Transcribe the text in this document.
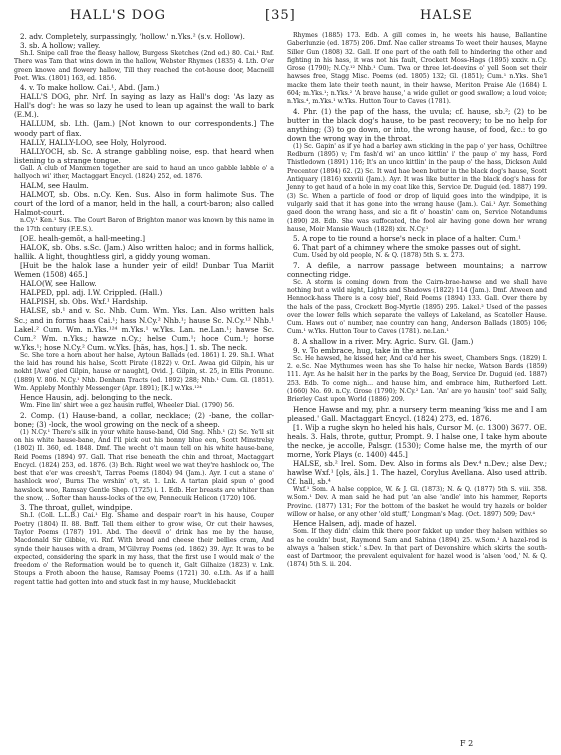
HALL'S DOG	[35]	HALSE

2. adv. Completely, surpassingly, 'hollow.' n.Yks.² (s.v. Hollow).

3. sb. A hollow; valley.

Sh.I. Snipe call frae the fleasy hallow, Burgess Sketches (2nd ed.) 80. Cai.¹ Rnf. There was Tam that wins down in the hallow, Webster Rhymes (1835) 4. Lth. O'er green knowe and flowery hallow, Till they reached the cot-house door, Macneill Poet. Wks. (1801) 163, ed. 1856.

4. v. To make hollow. Cai.¹, Abd. (Jam.)

HALL'S DOG, phr. Nrf. In saying as lazy as Hall's dog: 'As lazy as Hall's dog': he was so lazy he used to lean up against the wall to bark (E.M.).

HALLUM, sb. Lth. (Jam.) [Not known to our correspondents.] The woody part of flax.

HALLY, HALLY-LOO, see Holy, Holyrood.

HALLYOCH, sb. Sc. A strange gabbling noise, esp. that heard when listening to a strange tongue.

Gall. A club of Manxmen together are said to haud an unco gabble labble o' a hallyoch wi' ither, Mactaggart Encycl. (1824) 252, ed. 1876.

HALM, see Haulm.

HALMOT, sb. Obs. n.Cy. Ken. Sus. Also in form halimote Sus. The court of the lord of a manor, held in the hall, a court-baron; also called Halmot-court.

n.Cy.¹ Ken.¹ Sus. The Court Baron of Brighton manor was known by this name in the 17th century (F.E.S.).

[OE. healh-gemōt, a hall-meeting.]

HALOK, sb. Obs. s.Sc. (Jam.) Also written haloc; and in forms hallick, hallik. A light, thoughtless girl, a giddy young woman.

[Huit be the halok lase a hunder yeir of eild! Dunbar Tua Mariit Wemen (1508) 465.]

HALO(W, see Hallow.

HALPED, ppl. adj. I.W. Crippled. (Hall.)

HALPISH, sb. Obs. Wxf.¹ Hardship.

HALSE, sb.¹ and v. Sc. Nhb. Cum. Wm. Yks. Lan. Also written hals Sc.; and in forms haas Cai.¹; hass N.Cy.² Nhb.¹; hause Sc. N.Cy.¹² Nhb.¹ Lakel.² Cum. Wm. n.Yks.¹²⁴ m.Yks.¹ w.Yks. Lan. ne.Lan.¹; hawse Sc. Cum.² Wm. n.Yks.; hawze n.Cy.; helse Cum.¹; hoce Cum.¹; horse w.Yks.¹; hose N.Cy.² Cum. w.Yks. [hās, has, hǫs.] 1. sb. The neck.

Sc. She tore a horn about her halse, Aytoun Ballads (ed. 1861) I. 29. Sh.I. What the laid has round his halse, Scott Pirate (1822) v. Or.I. Awaa gid Gilpin, his ur nokht [Awa' gied Gilpin, hause or naught], Ovid. J. Gilpin, st. 25, in Ellis Pronunc. (1889) V. 806. N.Cy.¹ Nhb. Denham Tracts (ed. 1892) 288; Nhb.¹ Cum. Gl. (1851). Wm. Appleby Monthly Messenger (Apr. 1891); [K.] w.Yks.¹²⁴

Hence Hausin, adj. belonging to the neck.

Wm. Fine lin' shirt wee a gez hausin ruffel, Wheeler Dial. (1790) 56.

2. Comp. (1) Hause-band, a collar, necklace; (2) -bane, the collar-bone; (3) -lock, the wool growing on the neck of a sheep.

(1) N.Cy.¹ There's silk in your white hause-band, Old Sng. Nhb.¹ (2) Sc. Ye'll sit on his white hause-bane, And I'll pick out his bonny blue een, Scott Minstrelsy (1802) II. 360, ed. 1848. Dmf. The wecht o't maun tell on his white hause-bane, Reid Poems (1894) 97. Gall. That rise beneath the chin and throat, Mactaggart Encycl. (1824) 253, ed. 1876. (3) Bch. Right weel we wat they're hashlock oo, The best that e'er was creesh't, Tarras Poems (1804) 94 (Jam.). Ayr. I cut a stane o' hashlock woo', Burns The wrshin' o't, st. 1. Lnk. A tartan plaid spun o' good hawslock woo, Ramsay Gentle Shep. (1725) i. 1. Edb. Her breasts are whiter than the snow, .. Softer than hauss-locks of the ew, Pennecuik Helicon (1720) 106.

3. The throat, gullet, windpipe.

Sh.I. (Coll. L.L.B.) Cai.¹ Elg. Shame and despair roar't in his hause, Couper Poetry (1804) II. 88. Bnff. Tell them either to grow wise, Or cut their hawses, Taylor Poems (1787) 191. Abd. The deevil o' drink has me by the hause, Macdonald Sir Gibbie, vi. Rnf. With bread and cheese their bellies cram, And synde their hauses with a dram, M'Gilvray Poems (ed. 1862) 39. Ayr. It was to be expected, considering the spark in my hass, that the first use I would mak o' the freedom o' the Reformation would be to quench it, Galt Gilhaize (1823) v. Lnk. Stoups a Froth aboon the hause, Ramsay Poems (1721) 30. e.Lth. As if a haill regent tattie had gotten into and stuck fast in my hause, Mucklebackit

Rhymes (1885) 173. Edb. A gill comes in, he weets his hause, Ballantine Gaberlunzie (ed. 1875) 206. Dmf. Nae caller streams To weet their hauses, Mayne Siller Gun (1808) 32. Gall. If one part of the oath fell to hindering the other and fighting in his hass, it was not his fault, Crockett Moss-Hags (1895) xxxiv. n.Cy. Grose (1790); N.Cy.¹² Nhb.¹ Cum. Twa or three let-deevins o' yell Soon set their hawses free, Stagg Misc. Poems (ed. 1805) 132; Gl. (1851); Cum.¹ n.Yks. She'l macke them late their teeth naunt, in their hawse, Meriton Praise Ale (1684) I. 604; m.Yks.¹; n.Yks.² 'A brave hause,' a wide gullet or good swallow; a loud voice; n.Yks.⁴, m.Yks.¹ w.Yks. Hutton Tour to Caves (1781).

4. Phr. (1) the pap of the hass, the uvula; cf. hause, sb.²; (2) to be butter in the black dog's hause, to be past recovery; to be no help for anything; (3) to go down, or into, the wrong hause, of food, &c.: to go down the wrong way in the throat.

(1) Sc. Gapin' as if ye had a barley awn sticking in the pap o' yer hass, Ochiltree Redburn (1895) v; I'm fash'd wi' an unco kittlin' i' the paup o' my hass, Ford Thistledown (1891) 116; It's an unco kittlin' in the paup o' the hass, Dickson Auld Precentor (1894) 62. (2) Sc. It wad hae been butter in the black dog's hause, Scott Antiquary (1816) xxxviii (Jam.). Ayr. It was like butter in the black dog's hass for Jenny to get haud of a hole in my coat like this, Service Dr. Duguid (ed. 1887) 199. (3) Sc. When a particle of food or drop of liquid goes into the windpipe, it is vulgarly said that it has gone into the wrang hause (Jam.). Cai.¹ Ayr. Something gaed doon the wrang hass, and sic a fit o' hoastin' cam on, Service Notandums (1890) 28. Edb. She was suffocated, the fool air having gone down her wrang hause, Moir Mansie Wauch (1828) xix. N.Cy.¹

5. A rope to tie round a horse's neck in place of a halter. Cum.¹

6. That part of a chimney where the smoke passes out of sight.

Cum. Used by old people, N. & Q. (1878) 5th S. x. 273.

7. A defile, a narrow passage between mountains; a narrow connecting ridge.

Sc. A storm is coming down from the Cairn-brae-hawse and we shall have nothing but a wild night, Lights and Shadows (1822) 114 (Jam.). Dmf. Atween and Hennock-hass There is a cosy biel', Reid Poems (1894) 133. Gall. Over there by the hals of the pass, Crockett Bog-Myrtle (1895) 295. Lakel.² Used of the passes over the lower fells which separate the valleys of Lakeland, as Scatoller Hause. Cum. Haws out o' number, nae country can hang, Anderson Ballads (1805) 106; Cum.¹ w.Yks. Hutton Tour to Caves (1781). ne.Lan.¹

8. A shallow in a river. Mry. Agric. Surv. Gl. (Jam.)

9. v. To embrace, hug, take in the arms.

Sc. He hawsed, he kissed her, And ca'd her his sweet, Chambers Sngs. (1829) I. 2. e.Sc. Nae Mythumes ween has she To halse hir necke, Watson Bards (1859) 111. Ayr. As he halsit her in the parks by the Boag, Service Dr. Duguid (ed. 1887) 253. Edb. To come nigh... and hause him, and embrace him, Rutherford Lett. (1660) No. 69. n.Cy. Grose (1790); N.Cy.² Lan. 'An' are yo hausin' too!' said Sally, Brierley Cast upon World (1886) 209.

Hence Hawse and my, phr. a nursery term meaning 'kiss me and I am pleased.' Gall. Mactaggart Encycl. (1824) 273, ed. 1876.

[1. Wiþ a rughe skyn ho heled his hals, Cursor M. (c. 1300) 3677. OE. heals. 3. Hals, throte, guttur, Prompt. 9. I halse one, I take hym aboute the necke, je accolle, Palsgr. (1530); Come halse me, the myrth of our morne, York Plays (c. 1400) 445.]

HALSE, sb.² Irel. Som. Dev. Also in forms als Dev.⁴ n.Dev.; alse Dev.; hawlse Wxf.¹ [ǫls, āls.] 1. The hazel, Corylus Avellana. Also used attrib. Cf. hall, sb.⁴

Wxf.¹ Som. A halse coppice, W. & J. Gl. (1873); N. & Q. (1877) 5th S. viii. 358. w.Som.¹ Dev. A man said he had put 'an alse 'andle' into his hammer, Reports Provinc. (1877) 131; For the bottom of the basket he would try hazels or bolder willow or halse, or any other 'old stuff,' Longman's Mag. (Oct. 1897) 509; Dev.⁴

Hence Halsen, adj. made of hazel.

Som. If they didn' claim thik there poor fakket up under they halsen withies so as he couldn' bust, Raymond Sam and Sabina (1894) 25. w.Som.¹ A hazel-rod is always a 'halsen stick.' s.Dev. In that part of Devonshire which skirts the south-east of Dartmoor, the prevalent equivalent for hazel wood is 'alsen 'ood,' N. & Q. (1874) 5th S. ii. 204.

F 2
